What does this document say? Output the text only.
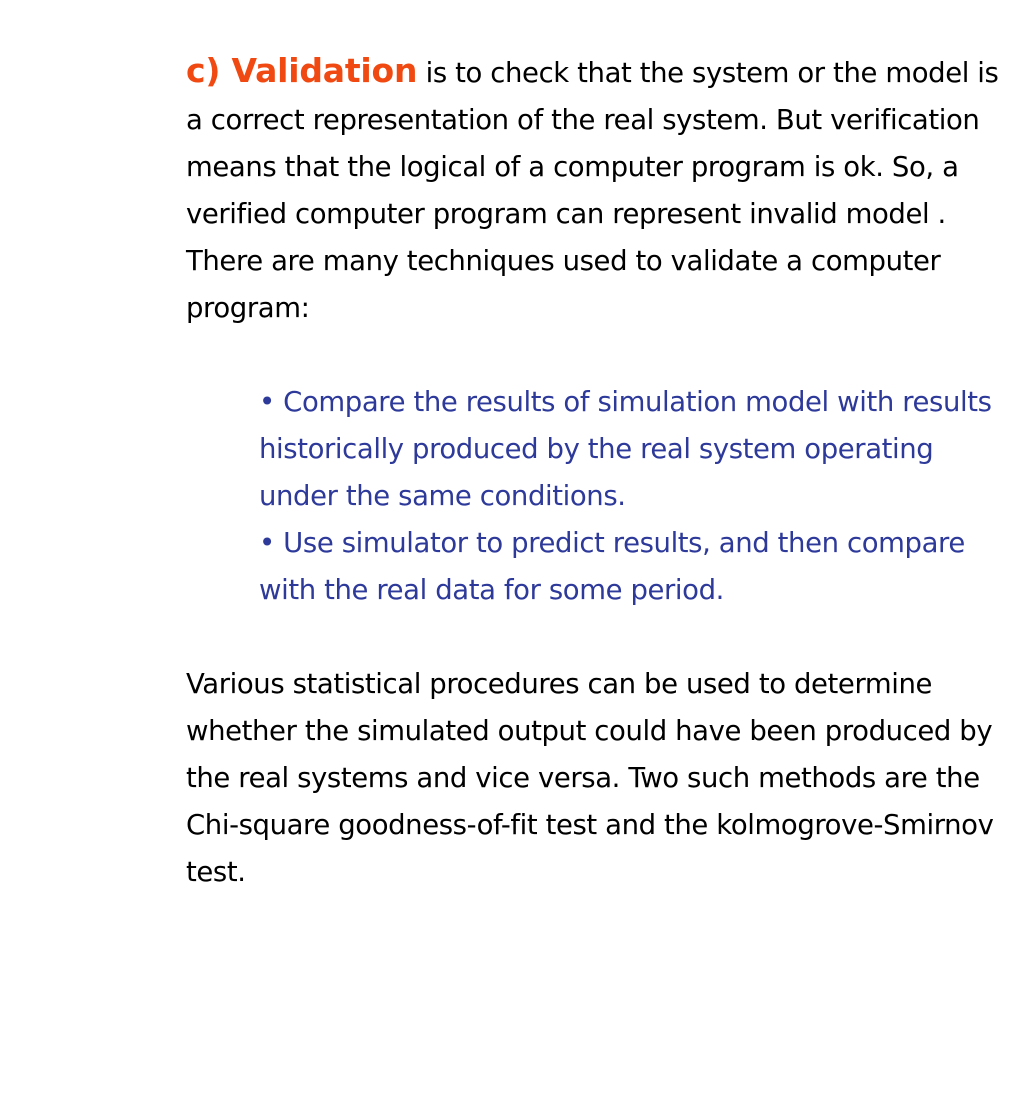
c) Validation is to check that the system or the model is a correct representation of the real system. But verification means that the logical of a computer program is ok. So, a verified computer program can represent invalid model . There are many techniques used to validate a computer program:

• Compare the results of simulation model with results historically produced by the real system operating under the same conditions.
• Use simulator to predict results, and then compare with the real data for some period.

Various statistical procedures can be used to determine whether the simulated output could have been produced by the real systems and vice versa. Two such methods are the Chi-square goodness-of-fit test and the kolmogrove-Smirnov test.
